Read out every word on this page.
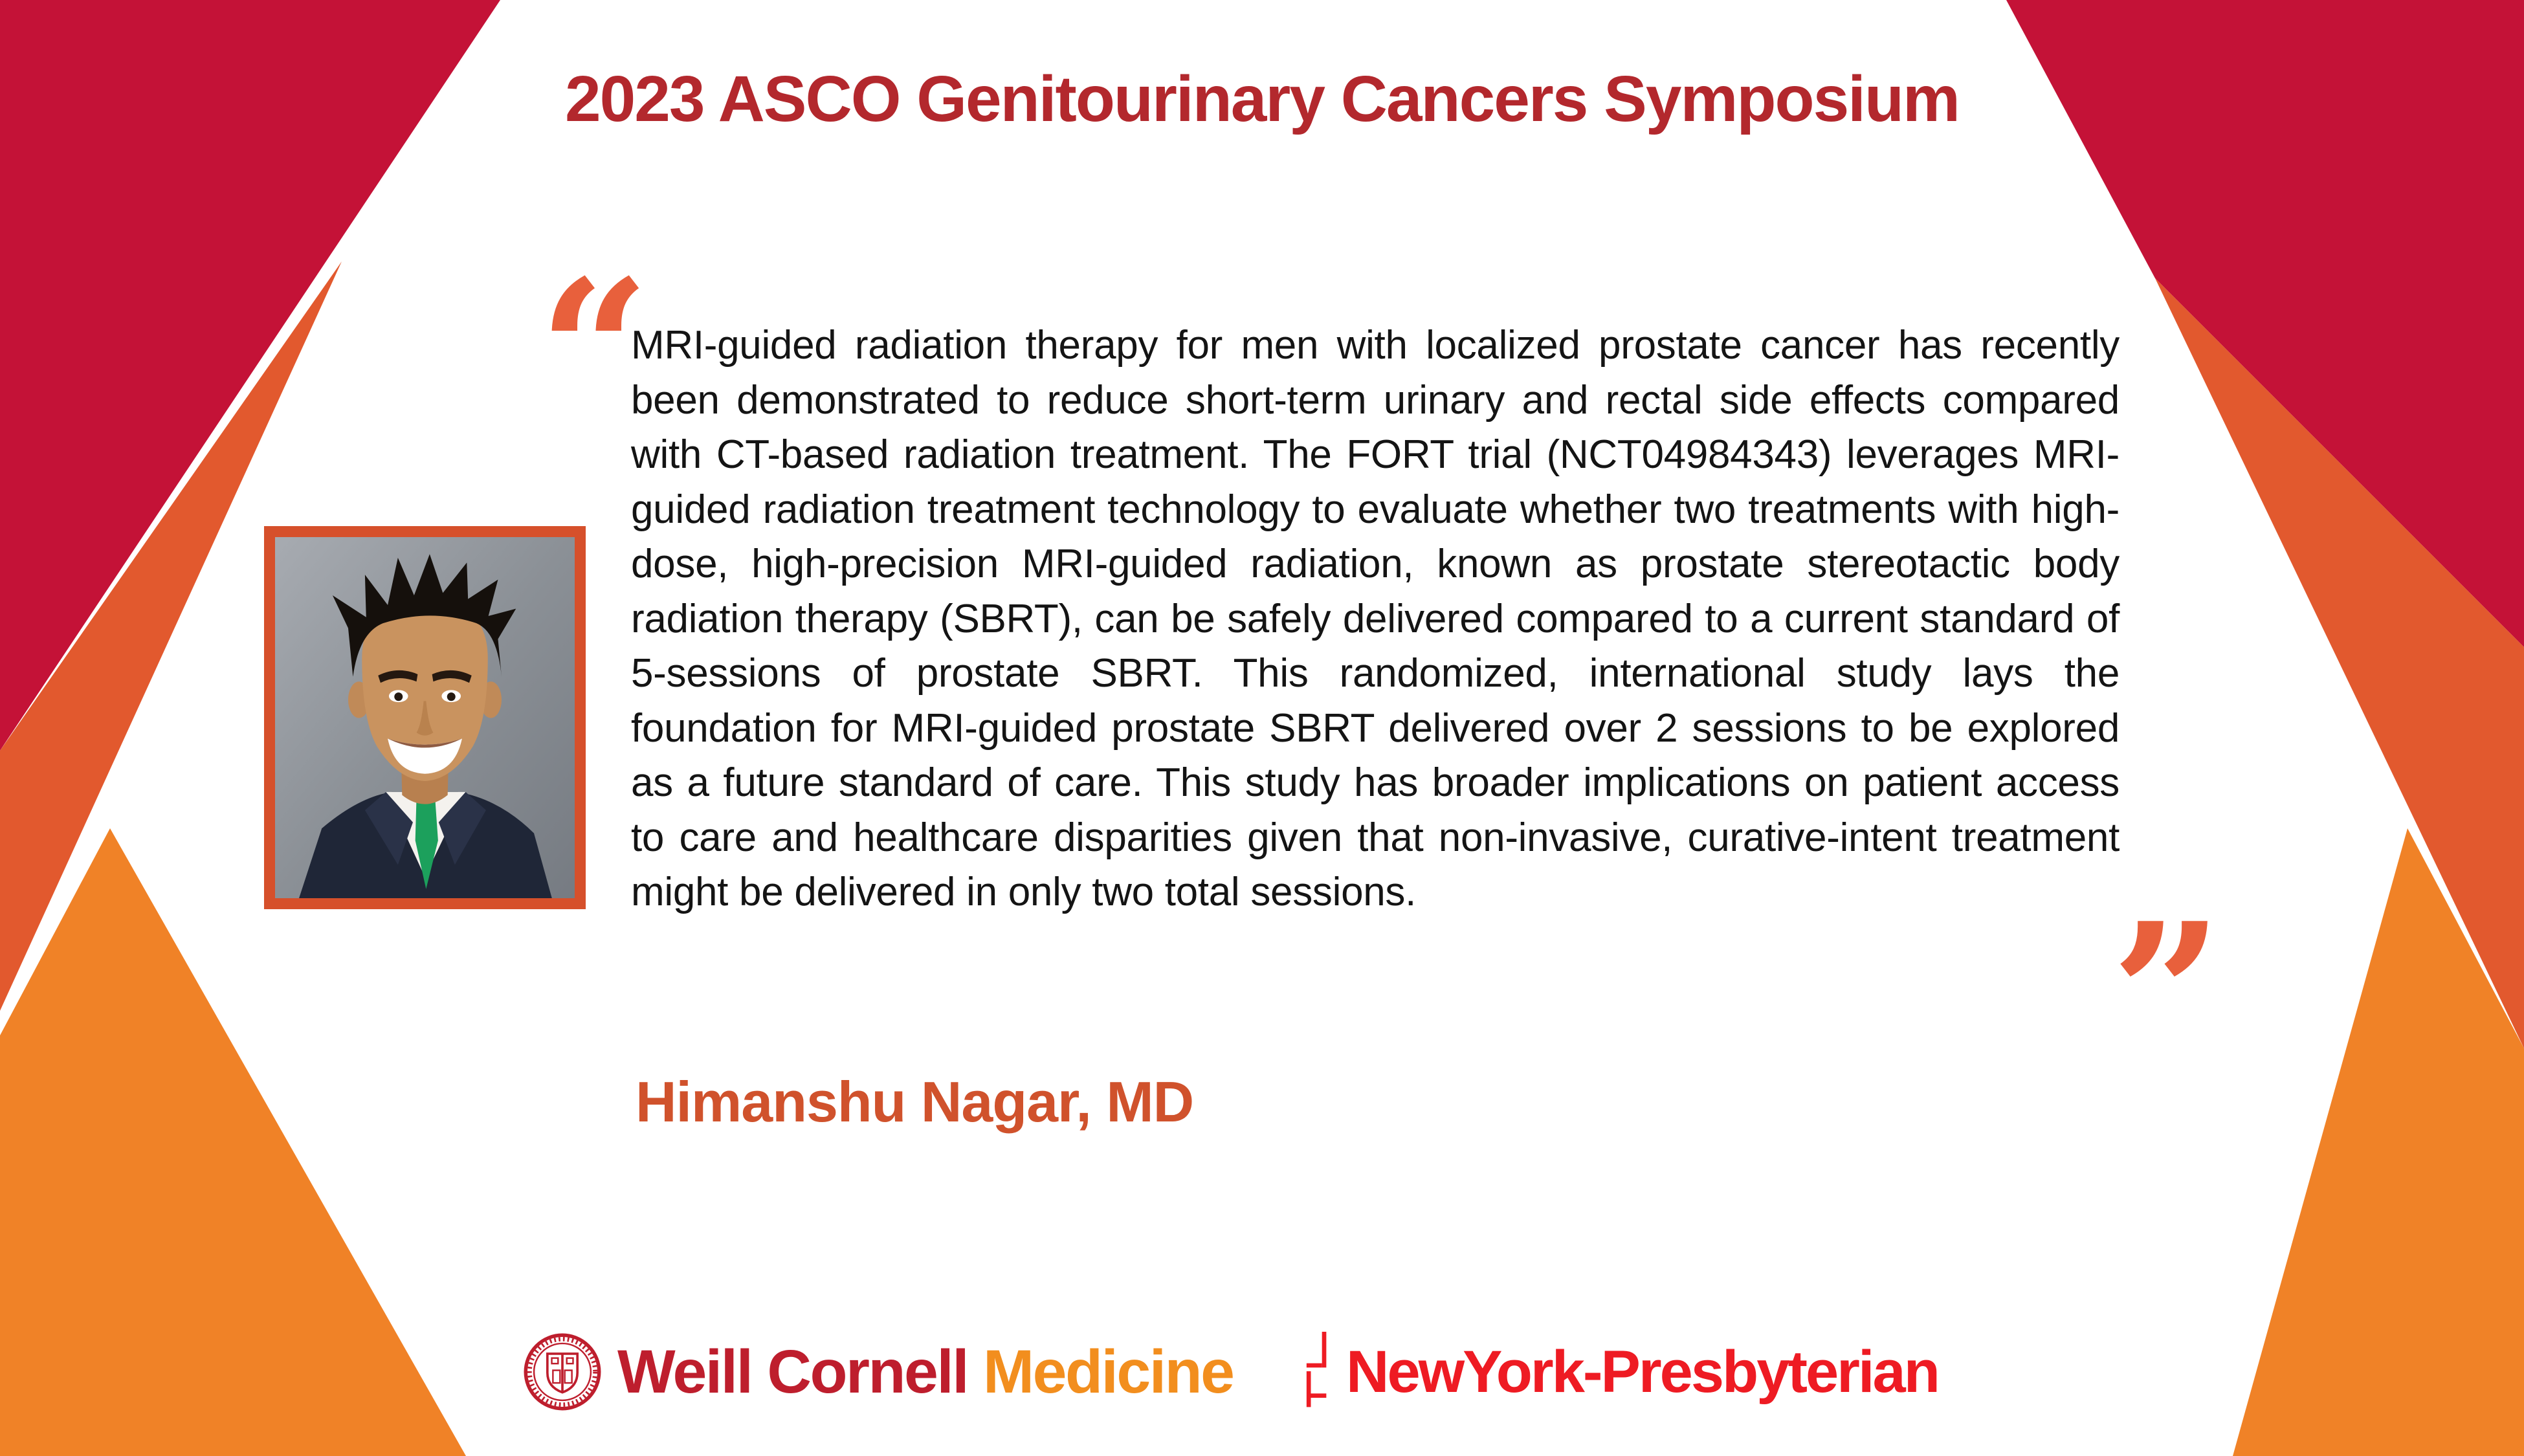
2023 ASCO Genitourinary Cancers Symposium
“

MRI-guided radiation therapy for men with localized prostate cancer has recently been demonstrated to reduce short-term urinary and rectal side effects compared with CT-based radiation treatment. The FORT trial (NCT04984343) leverages MRI-guided radiation treatment technology to evaluate whether two treatments with high-dose, high-precision MRI-guided radiation, known as prostate stereotactic body radiation therapy (SBRT), can be safely delivered compared to a current standard of 5-sessions of prostate SBRT. This randomized, international study lays the foundation for MRI-guided prostate SBRT delivered over 2 sessions to be explored as a future standard of care. This study has broader implications on patient access to care and healthcare disparities given that non-invasive, curative-intent treatment might be delivered in only two total sessions.	”
Himanshu Nagar, MD
Weill Cornell Medicine NewYork-Presbyterian
